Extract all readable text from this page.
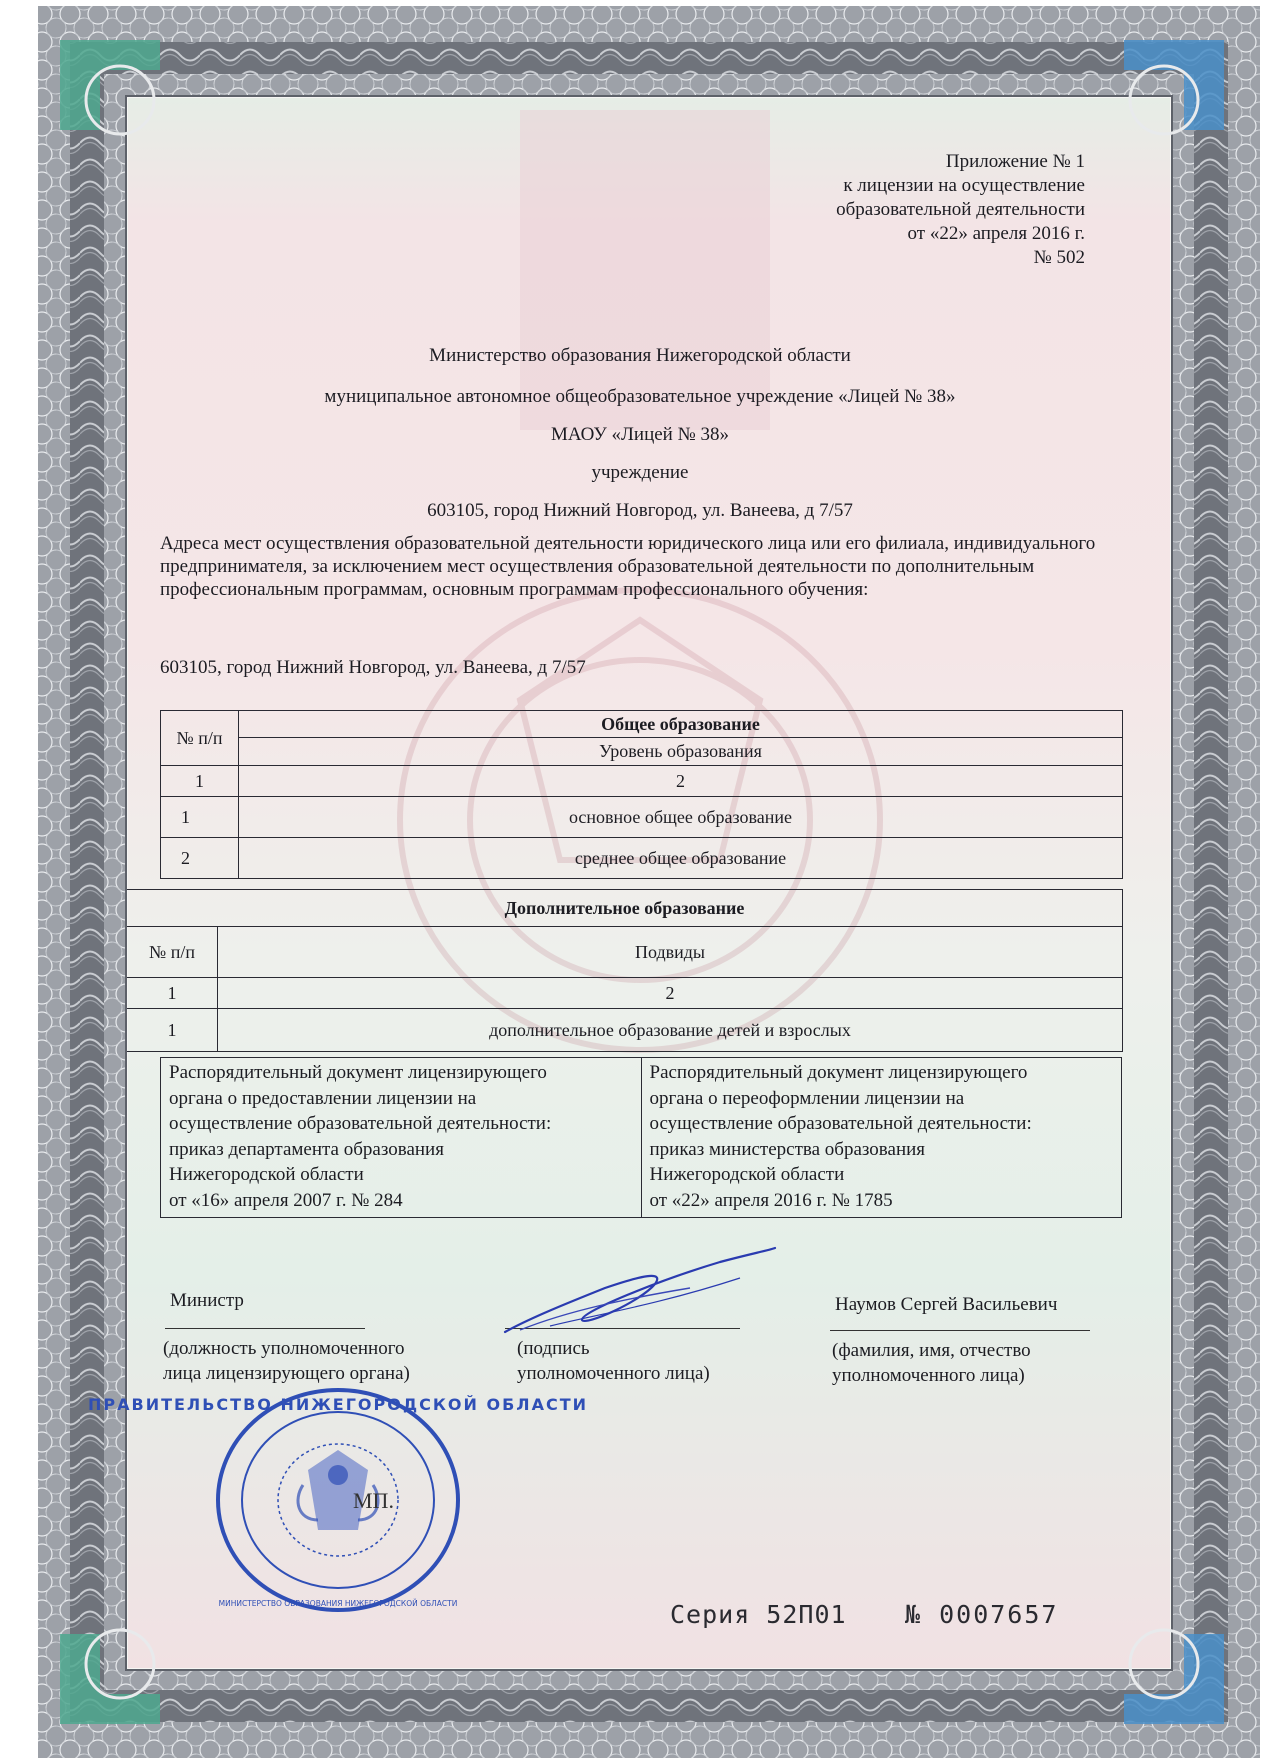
Приложение № 1
к лицензии на осуществление
образовательной деятельности
от «22» апреля 2016 г.
№ 502
Министерство образования Нижегородской области
муниципальное автономное общеобразовательное учреждение «Лицей № 38»
МАОУ «Лицей № 38»
учреждение
603105, город Нижний Новгород, ул. Ванеева, д 7/57
Адреса мест осуществления образовательной деятельности юридического лица или его филиала, индивидуального предпринимателя, за исключением мест осуществления образовательной деятельности по дополнительным профессиональным программам, основным программам профессионального обучения:
603105, город Нижний Новгород, ул. Ванеева, д 7/57
№ п/п	Общее образование
	Уровень образования
1	2
1	основное общее образование
2	среднее общее образование
Дополнительное образование	
№ п/п	Подвиды
1	2
1	дополнительное образование детей и взрослых
Распорядительный документ лицензирующего
органа о предоставлении лицензии на
осуществление образовательной деятельности:
приказ департамента образования
Нижегородской области
от «16» апреля 2007 г. № 284

Распорядительный документ лицензирующего
органа о переоформлении лицензии на
осуществление образовательной деятельности:
приказ министерства образования
Нижегородской области
от «22» апреля 2016 г. № 1785
Министр
(должность уполномоченного
лица лицензирующего органа)
(подпись
уполномоченного лица)
Наумов Сергей Васильевич
(фамилия, имя, отчество
уполномоченного лица)
ПРАВИТЕЛЬСТВО НИЖЕГОРОДСКОЙ ОБЛАСТИ
МИНИСТЕРСТВО ОБРАЗОВАНИЯ НИЖЕГОРОДСКОЙ ОБЛАСТИ
МП.
Серия 52П01 № 0007657
